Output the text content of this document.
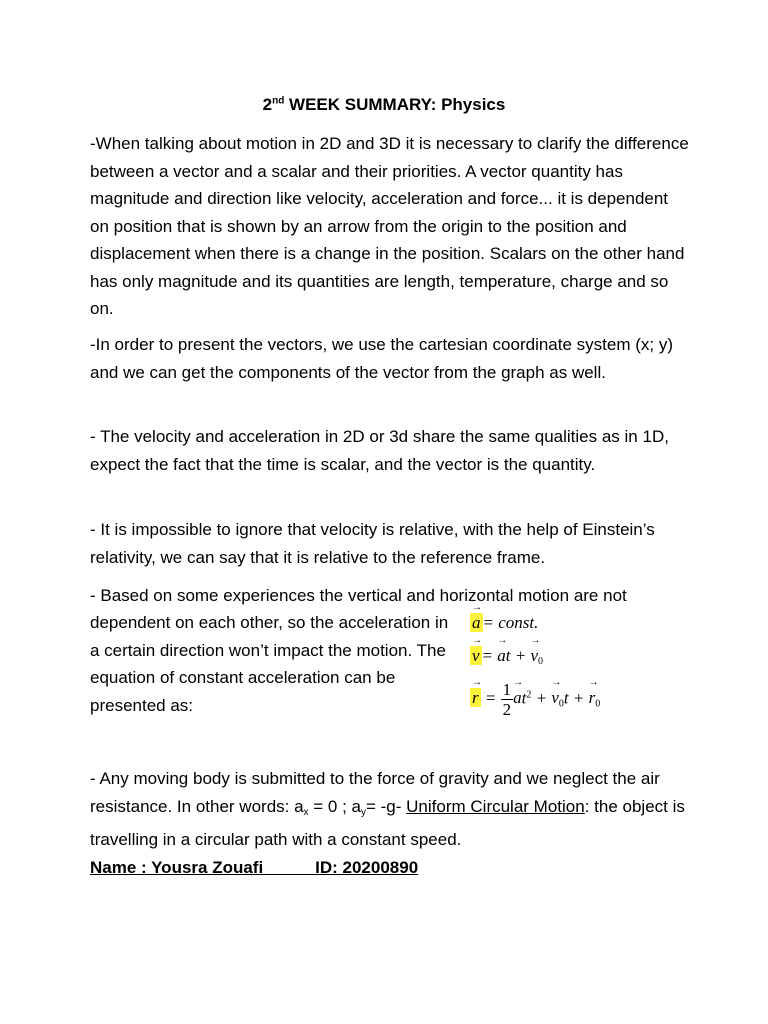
2nd WEEK SUMMARY: Physics

-When talking about motion in 2D and 3D it is necessary to clarify the difference between a vector and a scalar and their priorities. A vector quantity has magnitude and direction like velocity, acceleration and force... it is dependent on position that is shown by an arrow from the origin to the position and displacement when there is a change in the position. Scalars on the other hand has only magnitude and its quantities are length, temperature, charge and so on.

-In order to present the vectors, we use the cartesian coordinate system (x; y) and we can get the components of the vector from the graph as well.

- The velocity and acceleration in 2D or 3d share the same qualities as in 1D, expect the fact that the time is scalar, and the vector is the quantity.

- It is impossible to ignore that velocity is relative, with the help of Einstein’s relativity, we can say that it is relative to the reference frame.

- Based on some experiences the vertical and horizontal motion are not

dependent on each other, so the acceleration in a certain direction won’t impact the motion. The equation of constant acceleration can be presented as:

→ a = const.
→ v = → at + → v0
→ $r = \frac{1}{2}$
→ $at^2$ + → v0t + → r0

- Any moving body is submitted to the force of gravity and we neglect the air resistance. In other words: $a_x = 0$ ; $a_y= -g-$ Uniform Circular Motion: the object is travelling in a circular path with a constant speed.

Name : Yousra Zouafi           ID: 20200890
